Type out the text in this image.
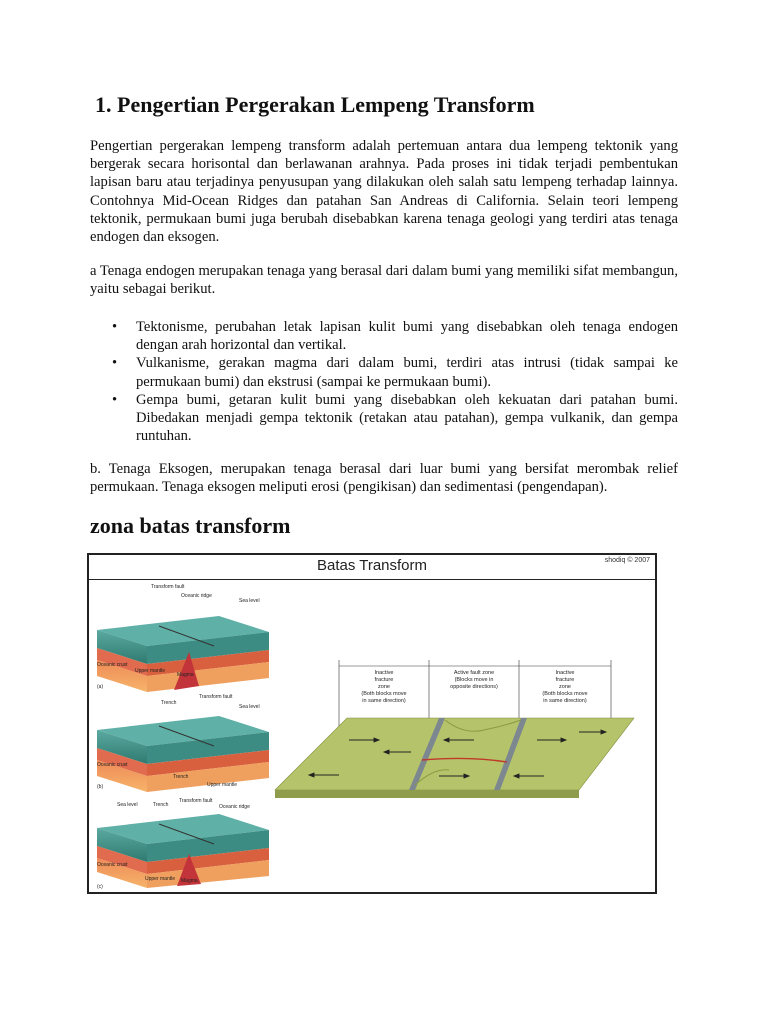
1. Pengertian Pergerakan Lempeng Transform

Pengertian pergerakan lempeng transform adalah pertemuan antara dua lempeng tektonik yang bergerak secara horisontal dan berlawanan arahnya. Pada proses ini tidak terjadi pembentukan lapisan baru atau terjadinya penyusupan yang dilakukan oleh salah satu lempeng terhadap lainnya. Contohnya Mid-Ocean Ridges dan patahan San Andreas di California. Selain teori lempeng tektonik, permukaan bumi juga berubah disebabkan karena tenaga geologi yang terdiri atas tenaga endogen dan eksogen.

a Tenaga endogen merupakan tenaga yang berasal dari dalam bumi yang memiliki sifat membangun, yaitu sebagai berikut.

• Tektonisme, perubahan letak lapisan kulit bumi yang disebabkan oleh tenaga endogen dengan arah horizontal dan vertikal.
• Vulkanisme, gerakan magma dari dalam bumi, terdiri atas intrusi (tidak sampai ke permukaan bumi) dan ekstrusi (sampai ke permukaan bumi).
• Gempa bumi, getaran kulit bumi yang disebabkan oleh kekuatan dari patahan bumi. Dibedakan menjadi gempa tektonik (retakan atau patahan), gempa vulkanik, dan gempa runtuhan.

b. Tenaga Eksogen, merupakan tenaga berasal dari luar bumi yang bersifat merombak relief permukaan. Tenaga eksogen meliputi erosi (pengikisan) dan sedimentasi (pengendapan).

zona batas transform
Batas Transform	shodiq © 2007
Transform fault
Oceanic ridge
Sea level
Oceanic crust
Upper mantle
Magma
(a)
Transform fault
Trench
Sea level
Oceanic crust
Trench
Upper mantle
(b)
Sea level	Trench
Transform fault
Oceanic ridge
Oceanic crust
Upper mantle Magma
(c)
Inactive
fracture
zone
(Both blocks move
in same direction)
Active fault zone
(Blocks move in
opposite directions)
Inactive
fracture
zone
(Both blocks move
in same direction)
